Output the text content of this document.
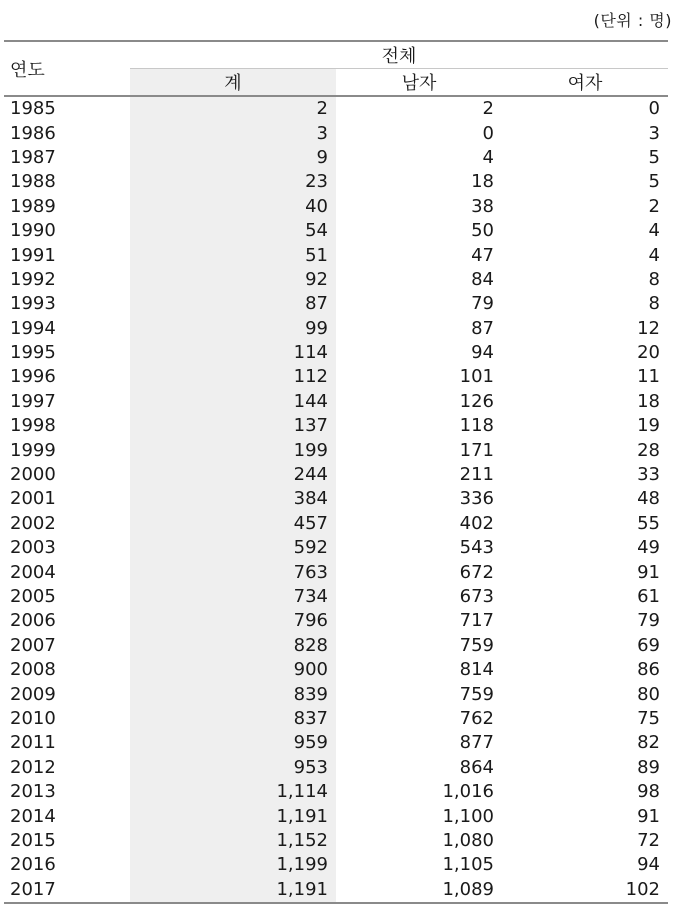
(단위 : 명)
연도	전체		
	계	남자	여자
1985	2	2	0
1986	3	0	3
1987	9	4	5
1988	23	18	5
1989	40	38	2
1990	54	50	4
1991	51	47	4
1992	92	84	8
1993	87	79	8
1994	99	87	12
1995	114	94	20
1996	112	101	11
1997	144	126	18
1998	137	118	19
1999	199	171	28
2000	244	211	33
2001	384	336	48
2002	457	402	55
2003	592	543	49
2004	763	672	91
2005	734	673	61
2006	796	717	79
2007	828	759	69
2008	900	814	86
2009	839	759	80
2010	837	762	75
2011	959	877	82
2012	953	864	89
2013	1,114	1,016	98
2014	1,191	1,100	91
2015	1,152	1,080	72
2016	1,199	1,105	94
2017	1,191	1,089	102
